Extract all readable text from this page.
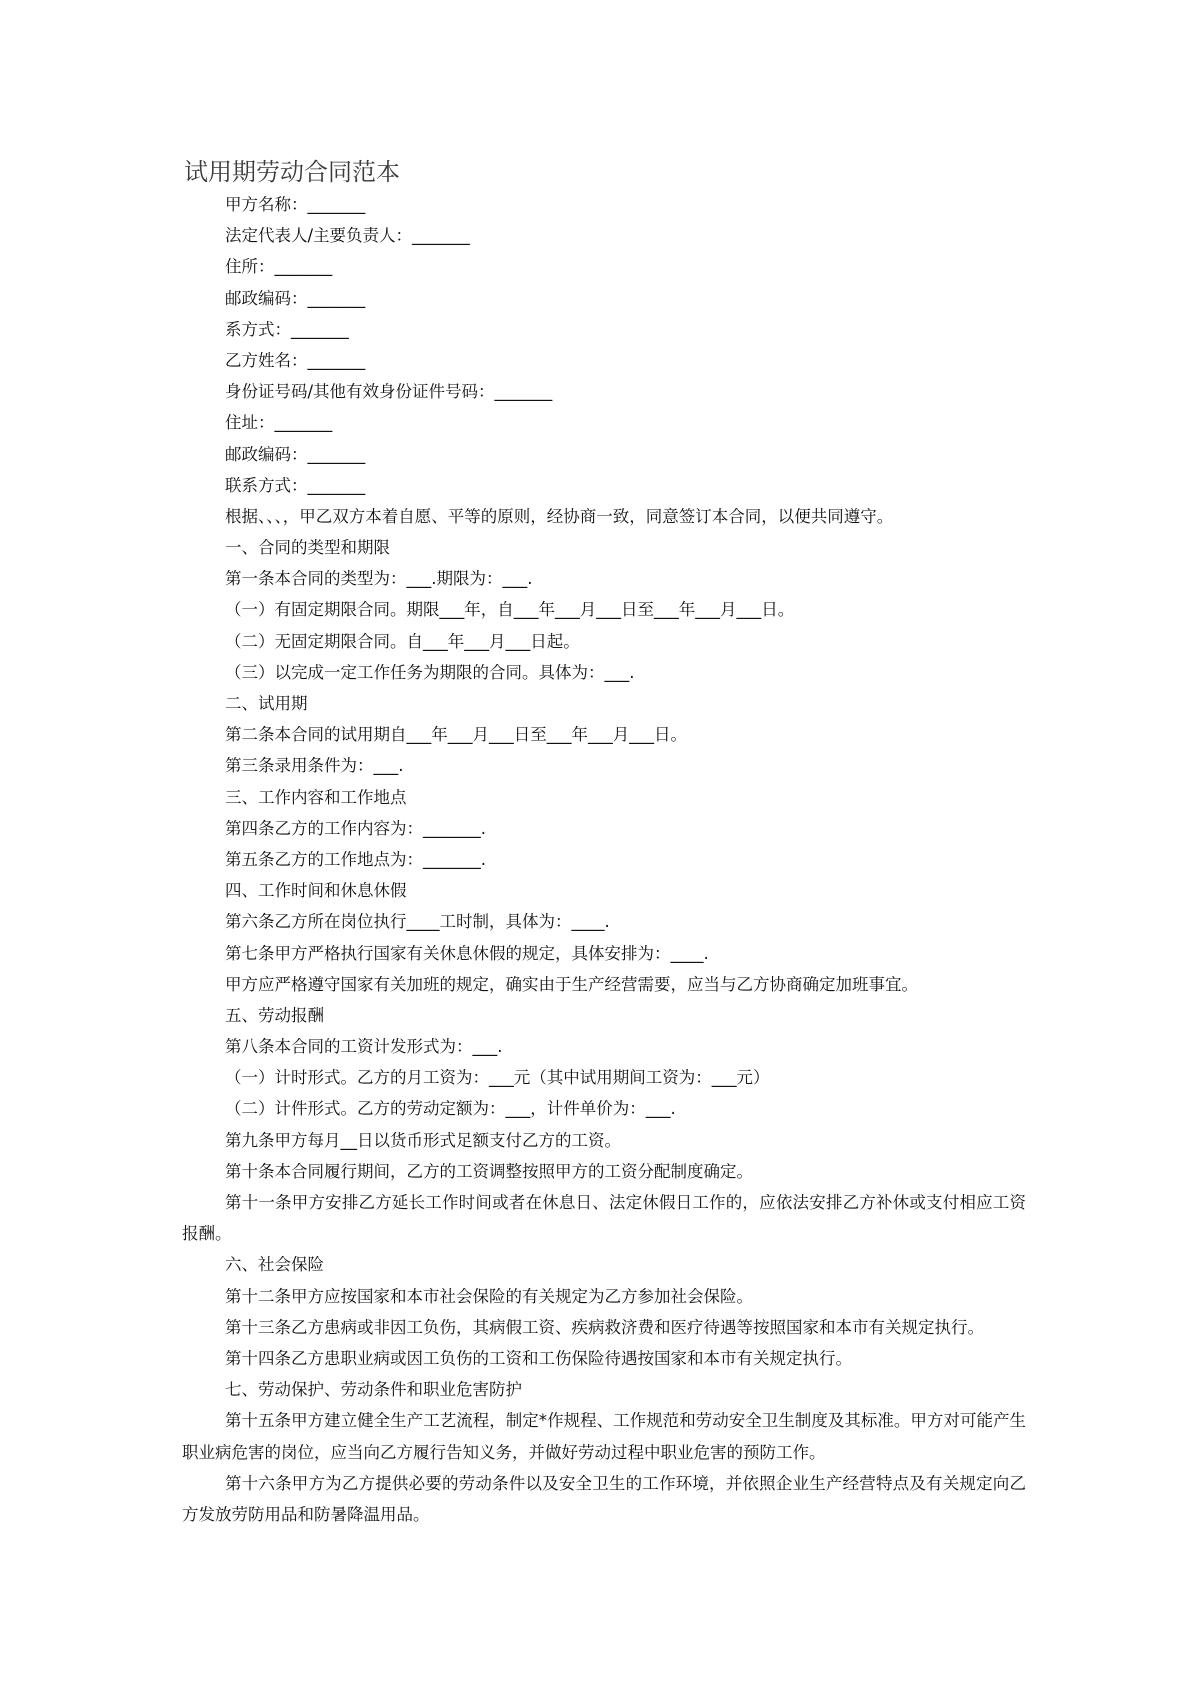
试用期劳动合同范本

甲方名称：_______

法定代表人/主要负责人：_______

住所：_______

邮政编码：_______

系方式：_______

乙方姓名：_______

身份证号码/其他有效身份证件号码：_______

住址：_______

邮政编码：_______

联系方式：_______

根据、、、，甲乙双方本着自愿、平等的原则，经协商一致，同意签订本合同，以便共同遵守。

一、合同的类型和期限

第一条本合同的类型为：___.期限为：___.

（一）有固定期限合同。期限___年，自___年___月___日至___年___月___日。

（二）无固定期限合同。自___年___月___日起。

（三）以完成一定工作任务为期限的合同。具体为：___.

二、试用期

第二条本合同的试用期自___年___月___日至___年___月___日。

第三条录用条件为：___.

三、工作内容和工作地点

第四条乙方的工作内容为：_______.

第五条乙方的工作地点为：_______.

四、工作时间和休息休假

第六条乙方所在岗位执行____工时制，具体为：____.

第七条甲方严格执行国家有关休息休假的规定，具体安排为：____.

甲方应严格遵守国家有关加班的规定，确实由于生产经营需要，应当与乙方协商确定加班事宜。

五、劳动报酬

第八条本合同的工资计发形式为：___.

（一）计时形式。乙方的月工资为：___元（其中试用期间工资为：___元）

（二）计件形式。乙方的劳动定额为：___，计件单价为：___.

第九条甲方每月__日以货币形式足额支付乙方的工资。

第十条本合同履行期间，乙方的工资调整按照甲方的工资分配制度确定。

第十一条甲方安排乙方延长工作时间或者在休息日、法定休假日工作的，应依法安排乙方补休或支付相应工资报酬。

六、社会保险

第十二条甲方应按国家和本市社会保险的有关规定为乙方参加社会保险。

第十三条乙方患病或非因工负伤，其病假工资、疾病救济费和医疗待遇等按照国家和本市有关规定执行。

第十四条乙方患职业病或因工负伤的工资和工伤保险待遇按国家和本市有关规定执行。

七、劳动保护、劳动条件和职业危害防护

第十五条甲方建立健全生产工艺流程，制定*作规程、工作规范和劳动安全卫生制度及其标准。甲方对可能产生职业病危害的岗位，应当向乙方履行告知义务，并做好劳动过程中职业危害的预防工作。

第十六条甲方为乙方提供必要的劳动条件以及安全卫生的工作环境，并依照企业生产经营特点及有关规定向乙方发放劳防用品和防暑降温用品。
